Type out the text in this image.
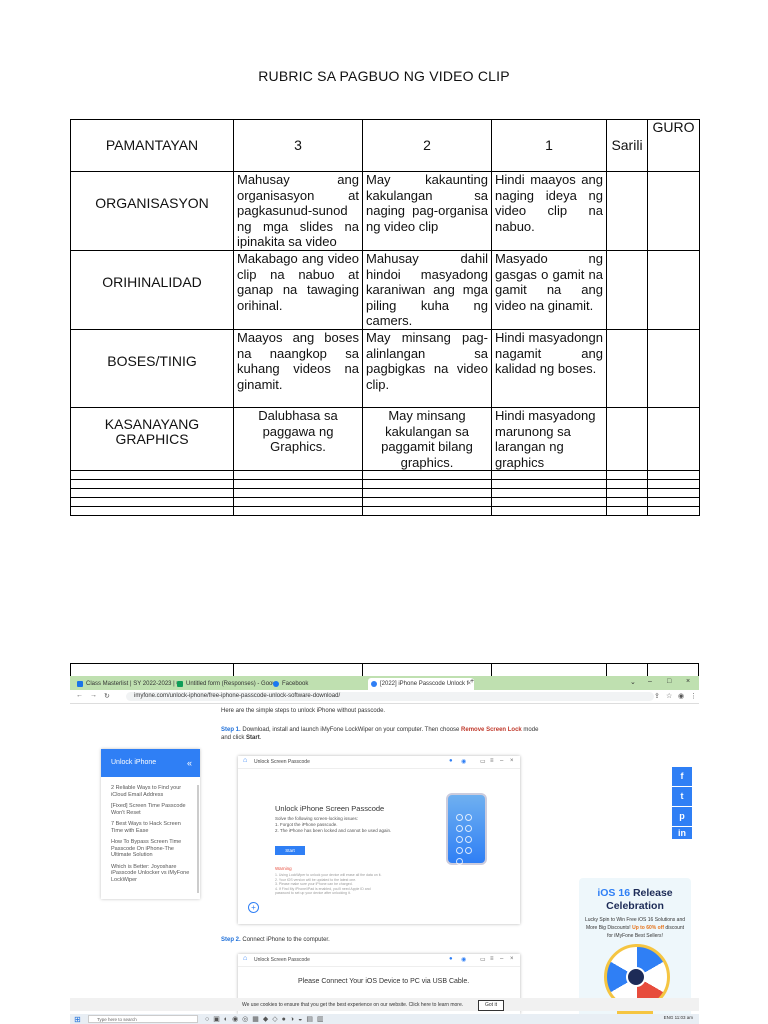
RUBRIC SA PAGBUO NG VIDEO CLIP
PAMANTAYAN	3	2	1	Sarili	GURO
ORGANISASYON	Mahusay ang organisasyon at pagkasunud-sunod ng mga slides na ipinakita sa video	May kakaunting kakulangan sa naging pag-organisa ng video clip	Hindi maayos ang naging ideya ng video clip na nabuo.		
ORIHINALIDAD	Makabago ang video clip na nabuo at ganap na tawaging orihinal.	Mahusay dahil hindoi masyadong karaniwan ang mga piling kuha ng camers.	Masyado ng gasgas o gamit na gamit na ang video na ginamit.		
BOSES/TINIG	Maayos ang boses na naangkop sa kuhang videos na ginamit.	May minsang pag-alinlangan sa pagbigkas na video clip.	Hindi masyadongn nagamit ang kalidad ng boses.		
KASANAYANG GRAPHICS	Dalubhasa sa paggawa ng Graphics.	May minsang kakulangan sa paggamit bilang graphics.	Hindi masyadong marunong sa larangan ng graphics		

Class Masterlist | SY 2022-2023 |	Untitled form (Responses) - Goo	Facebook	[2022] iPhone Passcode Unlock f × +	⌄ – □ ×
← → ↻	imyfone.com/unlock-iphone/free-iphone-passcode-unlock-software-download/	⇪ ☆ ◉ ⋮
Here are the simple steps to unlock iPhone without passcode.
Step 1. Download, install and launch iMyFone LockWiper on your computer. Then choose Remove Screen Lock mode and click Start.
Unlock iPhone	«
2 Reliable Ways to Find your iCloud Email Address
[Fixed] Screen Time Passcode Won't Reset
7 Best Ways to Hack Screen Time with Ease
How To Bypass Screen Time Passcode On iPhone-The Ultimate Solution
Which is Better: Joyoshare iPasscode Unlocker vs iMyFone LockWiper
⌂ Unlock Screen Passcode	● ◉ ▭ ≡ – ×
Unlock iPhone Screen Passcode
Solve the following screen-locking issues:
1. Forgot the iPhone passcode.
2. The iPhone has been locked and cannot be used again.
Start
Warning
1. Using LockWiper to unlock your device will erase all the data on it.
2. Your iOS version will be updated to the latest one.
3. Please make sure your iPhone can be charged.
4. If Find My iPhone/iPad is enabled, you'll need Apple ID and password to set up your device after unlocking it.
+
Step 2. Connect iPhone to the computer.
⌂ Unlock Screen Passcode	● ◉ ▭ ≡ – ×
Please Connect Your iOS Device to PC via USB Cable.
f
t
p
in
iOS 16 Release Celebration
Lucky Spin to Win Free iOS 16 Solutions and More Big Discounts! Up to 60% off discount for iMyFone Best Sellers!
We use cookies to ensure that you get the best experience on our website. Click here to learn more.	Got it
⊞	Type here to search	○▣◐◉◎▦◆◇●◑◒▤▥	ENG 11:03 am
